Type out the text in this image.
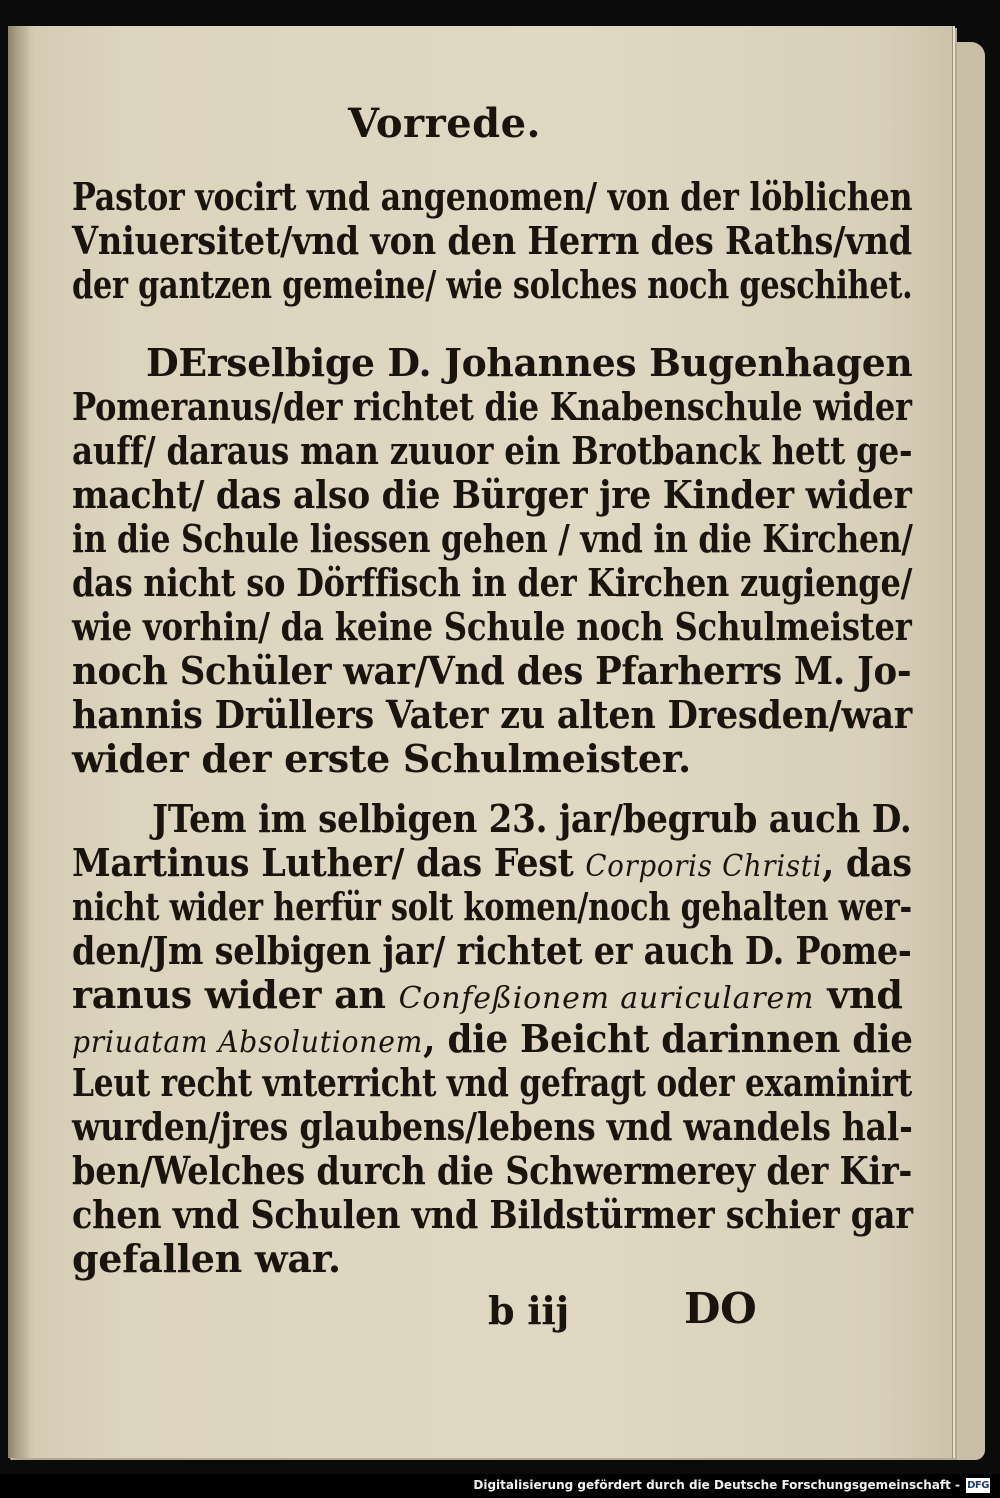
Vorrede.
Pastor vocirt vnd angenomen/ von der löblichen
Vniuersitet/vnd von den Herrn des Raths/vnd
der gantzen gemeine/ wie solches noch geschihet.
DErselbige D. Johannes Bugenhagen
Pomeranus/der richtet die Knabenschule wider
auff/ daraus man zuuor ein Brotbanck hett ge-
macht/ das also die Bürger jre Kinder wider
in die Schule liessen gehen / vnd in die Kirchen/
das nicht so Dörffisch in der Kirchen zugienge/
wie vorhin/ da keine Schule noch Schulmeister
noch Schüler war/Vnd des Pfarherrs M. Jo-
hannis Drüllers Vater zu alten Dresden/war
wider der erste Schulmeister.
JTem im selbigen 23. jar/begrub auch D.
Martinus Luther/ das Fest Corporis Christi, das
nicht wider herfür solt komen/noch gehalten wer-
den/Jm selbigen jar/ richtet er auch D. Pome-
ranus wider an Confeßionem auricularem vnd
priuatam Absolutionem, die Beicht darinnen die
Leut recht vnterricht vnd gefragt oder examinirt
wurden/jres glaubens/lebens vnd wandels hal-
ben/Welches durch die Schwermerey der Kir-
chen vnd Schulen vnd Bildstürmer schier gar
gefallen war.
b iij	DO
Digitalisierung gefördert durch die Deutsche Forschungsgemeinschaft - DFG
